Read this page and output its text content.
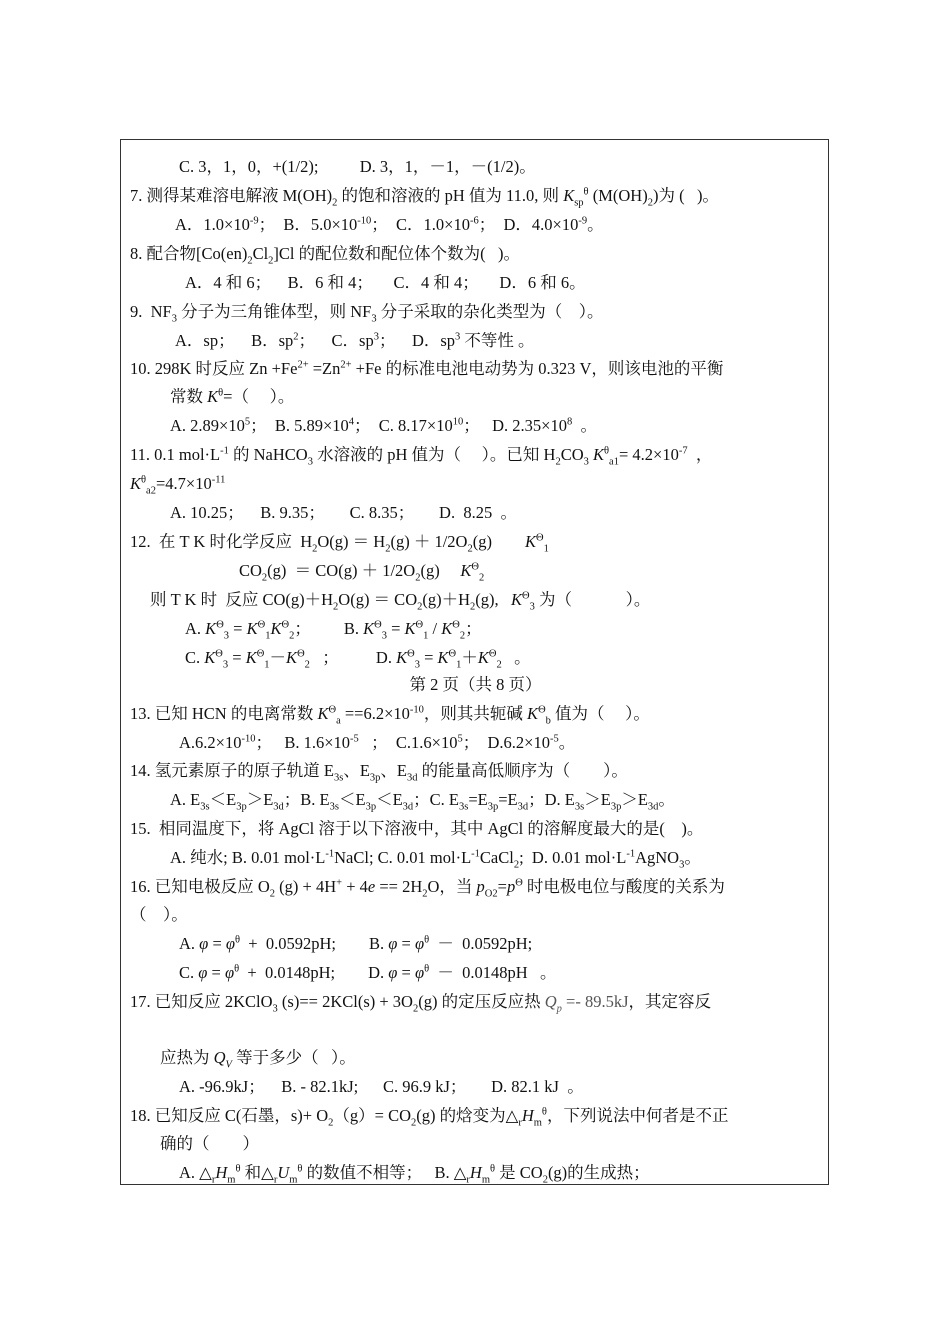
C. 3，1，0，+(1/2);          D. 3，1，－1，－(1/2)。
7. 测得某难溶电解液 $M(OH)_2$ 的饱和溶液的 pH 值为 11.0, 则 $K_{sp}^\theta$ $(M(OH)_2)$为 (   )。
A．$1.0\times 10^{-9}$；  B．$5.0\times 10^{-10}$；  C．$1.0\times 10^{-6}$；  D．$4.0\times 10^{-9}$。
8. 配合物$[Co(en)_2Cl_2]Cl$ 的配位数和配位体个数为(   )。
A．4 和 6；    B．6 和 4；     C．4 和 4；     D．6 和 6。
9.  $NF_3$ 分子为三角锥体型，则 $NF_3$ 分子采取的杂化类型为（    ）。
A．sp；    B．$sp^2$；    C．$sp^3$；    D．$sp^3$ 不等性 。
10. 298K 时反应 $Zn +Fe^{2+} =Zn^{2+} +Fe$ 的标准电池电动势为 0.323 V，则该电池的平衡
常数 $K^\theta=$（     ）。
A. $2.89\times 10^5$；  B. $5.89\times 10^4$；  C. $8.17\times 10^{10}$；   D. $2.35\times 10^8$  。
11. 0.1 $mol\cdot L^{-1}$ 的 NaHCO$_3$ 水溶液的 pH 值为（     ）。已知 $H_2CO_3$ $K^\theta_{a1}= 4.2\times 10^{-7}$  ，
$K^\theta_{a2}=4.7\times 10^{-11}$
A. 10.25；    B. 9.35；      C. 8.35；      D.  8.25  。
12.  在 T K 时化学反应  $H_2O(g) = H_2(g) + 1/2O_2(g)$        $K^\Theta_1$
$CO_2(g) = CO(g) + 1/2O_2(g)$     $K^\Theta_2$
则 T K 时  反应 $CO(g)+H_2O(g) = CO_2(g)+H_2(g)$,   $K^\Theta_3$ 为（             ）。
A. $K^\Theta_3 = K^\Theta_1K^\Theta_2$；        B. $K^\Theta_3 = K^\Theta_1 / K^\Theta_2$；
C. $K^\Theta_3 = K^\Theta_1-K^\Theta_2$   ；         D. $K^\Theta_3 = K^\Theta_1+K^\Theta_2$   。
第 2 页（共 8 页）
13. 已知 HCN 的电离常数 $K^\Theta_a ==6.2\times 10^{-10}$，则其共轭碱 $K^\Theta_b$ 值为（     ）。
$A.6.2\times 10^{-10}$；   B. $1.6\times 10^{-5}$   ；  $C.1.6\times 10^5$；  $D.6.2\times 10^{-5}$。
14. 氢元素原子的原子轨道 $E_{3s}$、$E_{3p}$、$E_{3d}$ 的能量高低顺序为（        ）。
A. $E_{3s}<E_{3p}>E_{3d}$；B. $E_{3s}<E_{3p}<E_{3d}$；C. $E_{3s}=E_{3p}=E_{3d}$；D. $E_{3s}>E_{3p}>E_{3d}$。
15.  相同温度下，将 AgCl 溶于以下溶液中，其中 AgCl 的溶解度最大的是(    )。
A. 纯水; B. 0.01 $mol\cdot L^{-1}NaCl$; C. 0.01 $mol\cdot L^{-1}CaCl_2$;  D. 0.01 $mol\cdot L^{-1}AgNO_3$。
16. 已知电极反应 $O_2$ $(g) + 4H^+ + 4e == 2H_2O$，当 $p_{O2}=p^\Theta$ 时电极电位与酸度的关系为
（    ）。
A. $\varphi = \varphi^\theta + 0.0592pH$;        B. $\varphi = \varphi^\theta - 0.0592pH$;
C. $\varphi = \varphi^\theta + 0.0148pH$;        D. $\varphi = \varphi^\theta - 0.0148pH$   。
17. 已知反应 2KClO$_3$ $(s)== 2KCl(s) + 3O_2(g)$ 的定压反应热 $Q_p =- 89.5kJ$，其定容反
应热为 $Q_V$ 等于多少（   ）。
A. -96.9kJ；    B. - 82.1kJ;      C. 96.9 kJ；      D. 82.1 kJ  。
18. 已知反应 C(石墨，$s)+ O_2(g)= CO_2(g)$ 的焓变为$\triangle_rH_m^\theta$，下列说法中何者是不正
确的（        ）
A. $\triangle_rH_m^\theta$ 和$\triangle_rU_m^\theta$ 的数值不相等；   B. $\triangle_rH_m^\theta$ 是 $CO_2(g)$的生成热；
